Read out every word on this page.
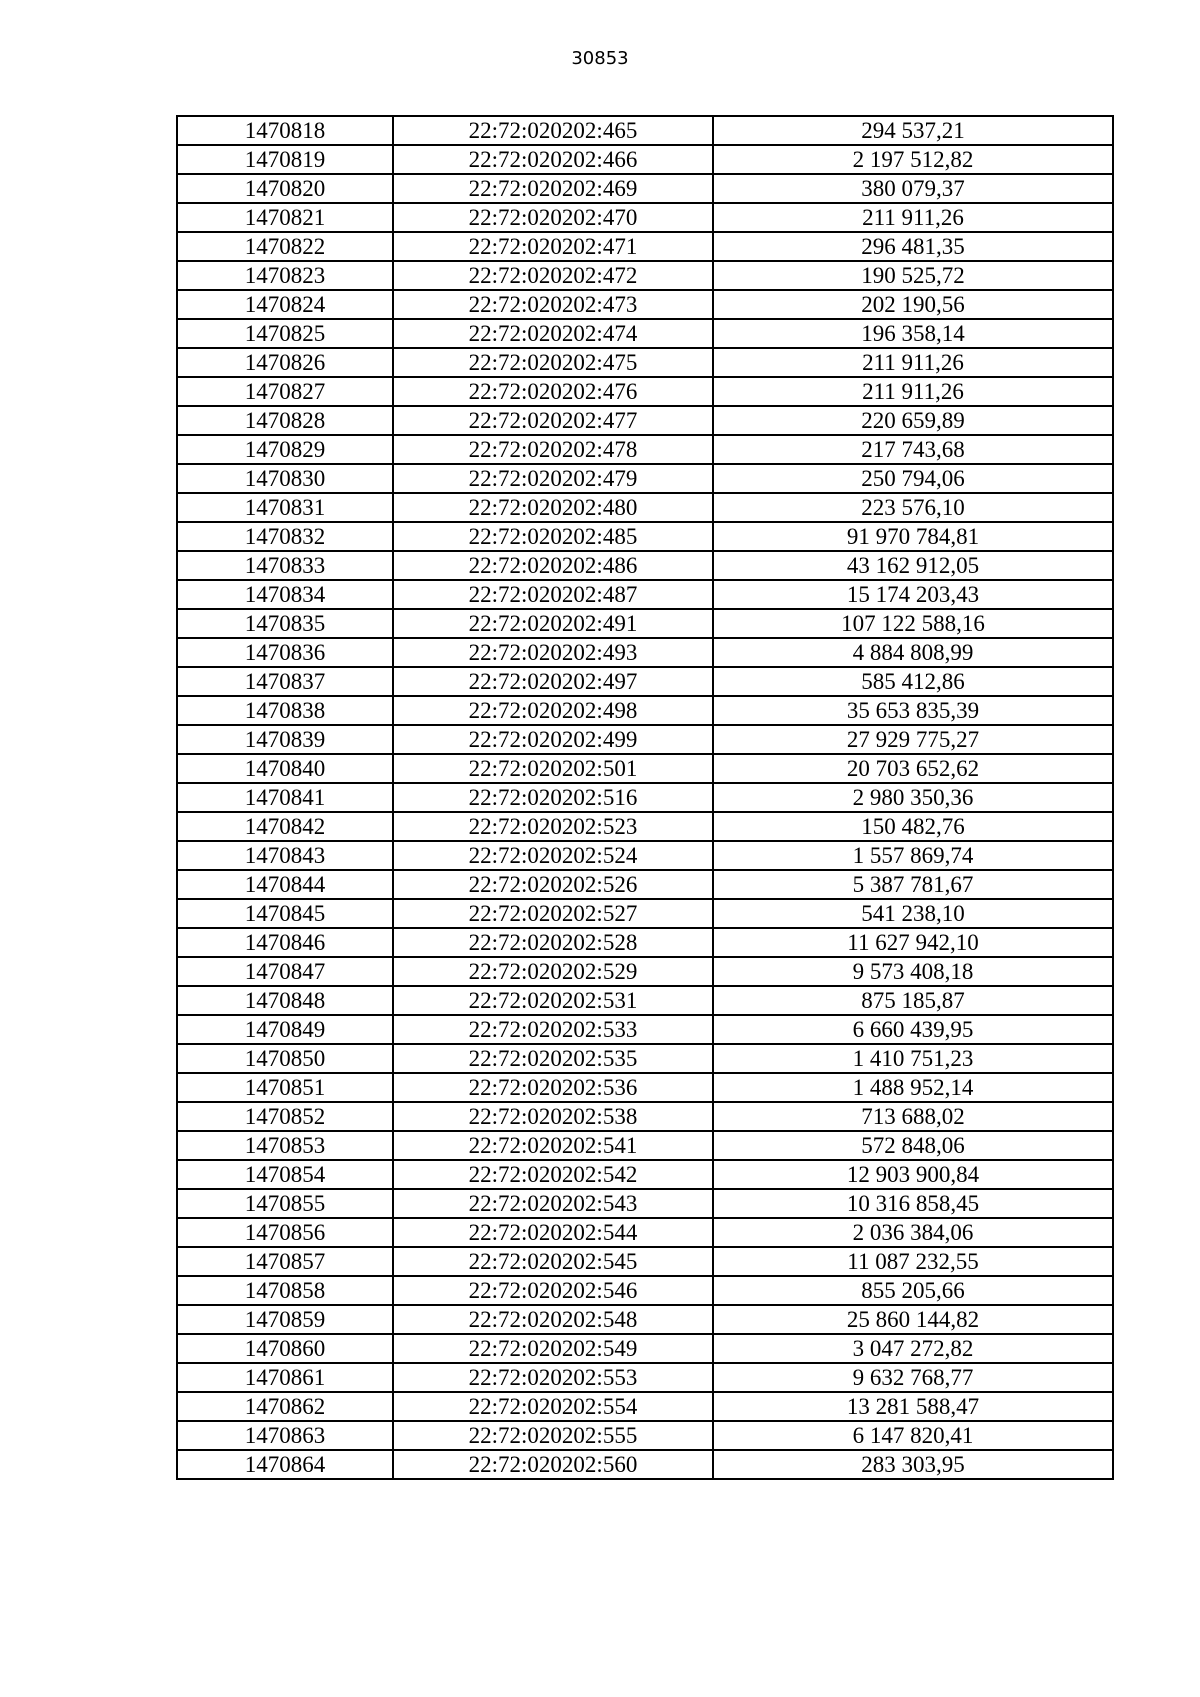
30853
1470818	22:72:020202:465	294 537,21
1470819	22:72:020202:466	2 197 512,82
1470820	22:72:020202:469	380 079,37
1470821	22:72:020202:470	211 911,26
1470822	22:72:020202:471	296 481,35
1470823	22:72:020202:472	190 525,72
1470824	22:72:020202:473	202 190,56
1470825	22:72:020202:474	196 358,14
1470826	22:72:020202:475	211 911,26
1470827	22:72:020202:476	211 911,26
1470828	22:72:020202:477	220 659,89
1470829	22:72:020202:478	217 743,68
1470830	22:72:020202:479	250 794,06
1470831	22:72:020202:480	223 576,10
1470832	22:72:020202:485	91 970 784,81
1470833	22:72:020202:486	43 162 912,05
1470834	22:72:020202:487	15 174 203,43
1470835	22:72:020202:491	107 122 588,16
1470836	22:72:020202:493	4 884 808,99
1470837	22:72:020202:497	585 412,86
1470838	22:72:020202:498	35 653 835,39
1470839	22:72:020202:499	27 929 775,27
1470840	22:72:020202:501	20 703 652,62
1470841	22:72:020202:516	2 980 350,36
1470842	22:72:020202:523	150 482,76
1470843	22:72:020202:524	1 557 869,74
1470844	22:72:020202:526	5 387 781,67
1470845	22:72:020202:527	541 238,10
1470846	22:72:020202:528	11 627 942,10
1470847	22:72:020202:529	9 573 408,18
1470848	22:72:020202:531	875 185,87
1470849	22:72:020202:533	6 660 439,95
1470850	22:72:020202:535	1 410 751,23
1470851	22:72:020202:536	1 488 952,14
1470852	22:72:020202:538	713 688,02
1470853	22:72:020202:541	572 848,06
1470854	22:72:020202:542	12 903 900,84
1470855	22:72:020202:543	10 316 858,45
1470856	22:72:020202:544	2 036 384,06
1470857	22:72:020202:545	11 087 232,55
1470858	22:72:020202:546	855 205,66
1470859	22:72:020202:548	25 860 144,82
1470860	22:72:020202:549	3 047 272,82
1470861	22:72:020202:553	9 632 768,77
1470862	22:72:020202:554	13 281 588,47
1470863	22:72:020202:555	6 147 820,41
1470864	22:72:020202:560	283 303,95
